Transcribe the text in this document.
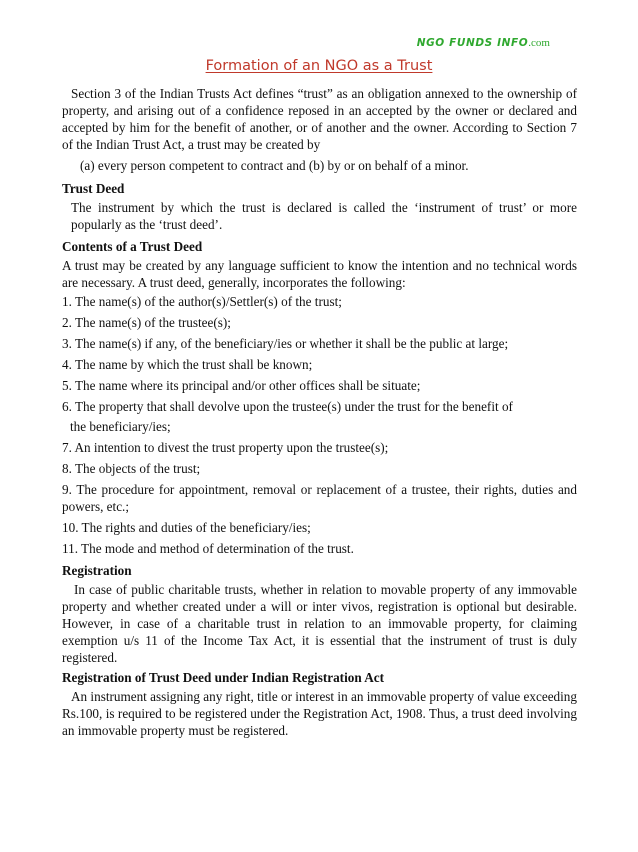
NGO FUNDS INFO.com
Formation of an NGO as a Trust

Section 3 of the Indian Trusts Act defines “trust” as an obligation annexed to the ownership of property, and arising out of a confidence reposed in an accepted by the owner or declared and accepted by him for the benefit of another, or of another and the owner. According to Section 7 of the Indian Trust Act, a trust may be created by

(a) every person competent to contract and (b) by or on behalf of a minor.

Trust Deed

The instrument by which the trust is declared is called the ‘instrument of trust’ or more popularly as the ‘trust deed’.

Contents of a Trust Deed

A trust may be created by any language sufficient to know the intention and no technical words are necessary. A trust deed, generally, incorporates the following:

1. The name(s) of the author(s)/Settler(s) of the trust;
2. The name(s) of the trustee(s);
3. The name(s) if any, of the beneficiary/ies or whether it shall be the public at large;
4. The name by which the trust shall be known;
5. The name where its principal and/or other offices shall be situate;
6. The property that shall devolve upon the trustee(s) under the trust for the benefit of
the beneficiary/ies;
7. An intention to divest the trust property upon the trustee(s);
8. The objects of the trust;
9. The procedure for appointment, removal or replacement of a trustee, their rights, duties and powers, etc.;
10. The rights and duties of the beneficiary/ies;
11. The mode and method of determination of the trust.
Registration

In case of public charitable trusts, whether in relation to movable property of any immovable property and whether created under a will or inter vivos, registration is optional but desirable. However, in case of a charitable trust in relation to an immovable property, for claiming exemption u/s 11 of the Income Tax Act, it is essential that the instrument of trust is duly registered.

Registration of Trust Deed under Indian Registration Act

An instrument assigning any right, title or interest in an immovable property of value exceeding Rs.100, is required to be registered under the Registration Act, 1908. Thus, a trust deed involving an immovable property must be registered.
